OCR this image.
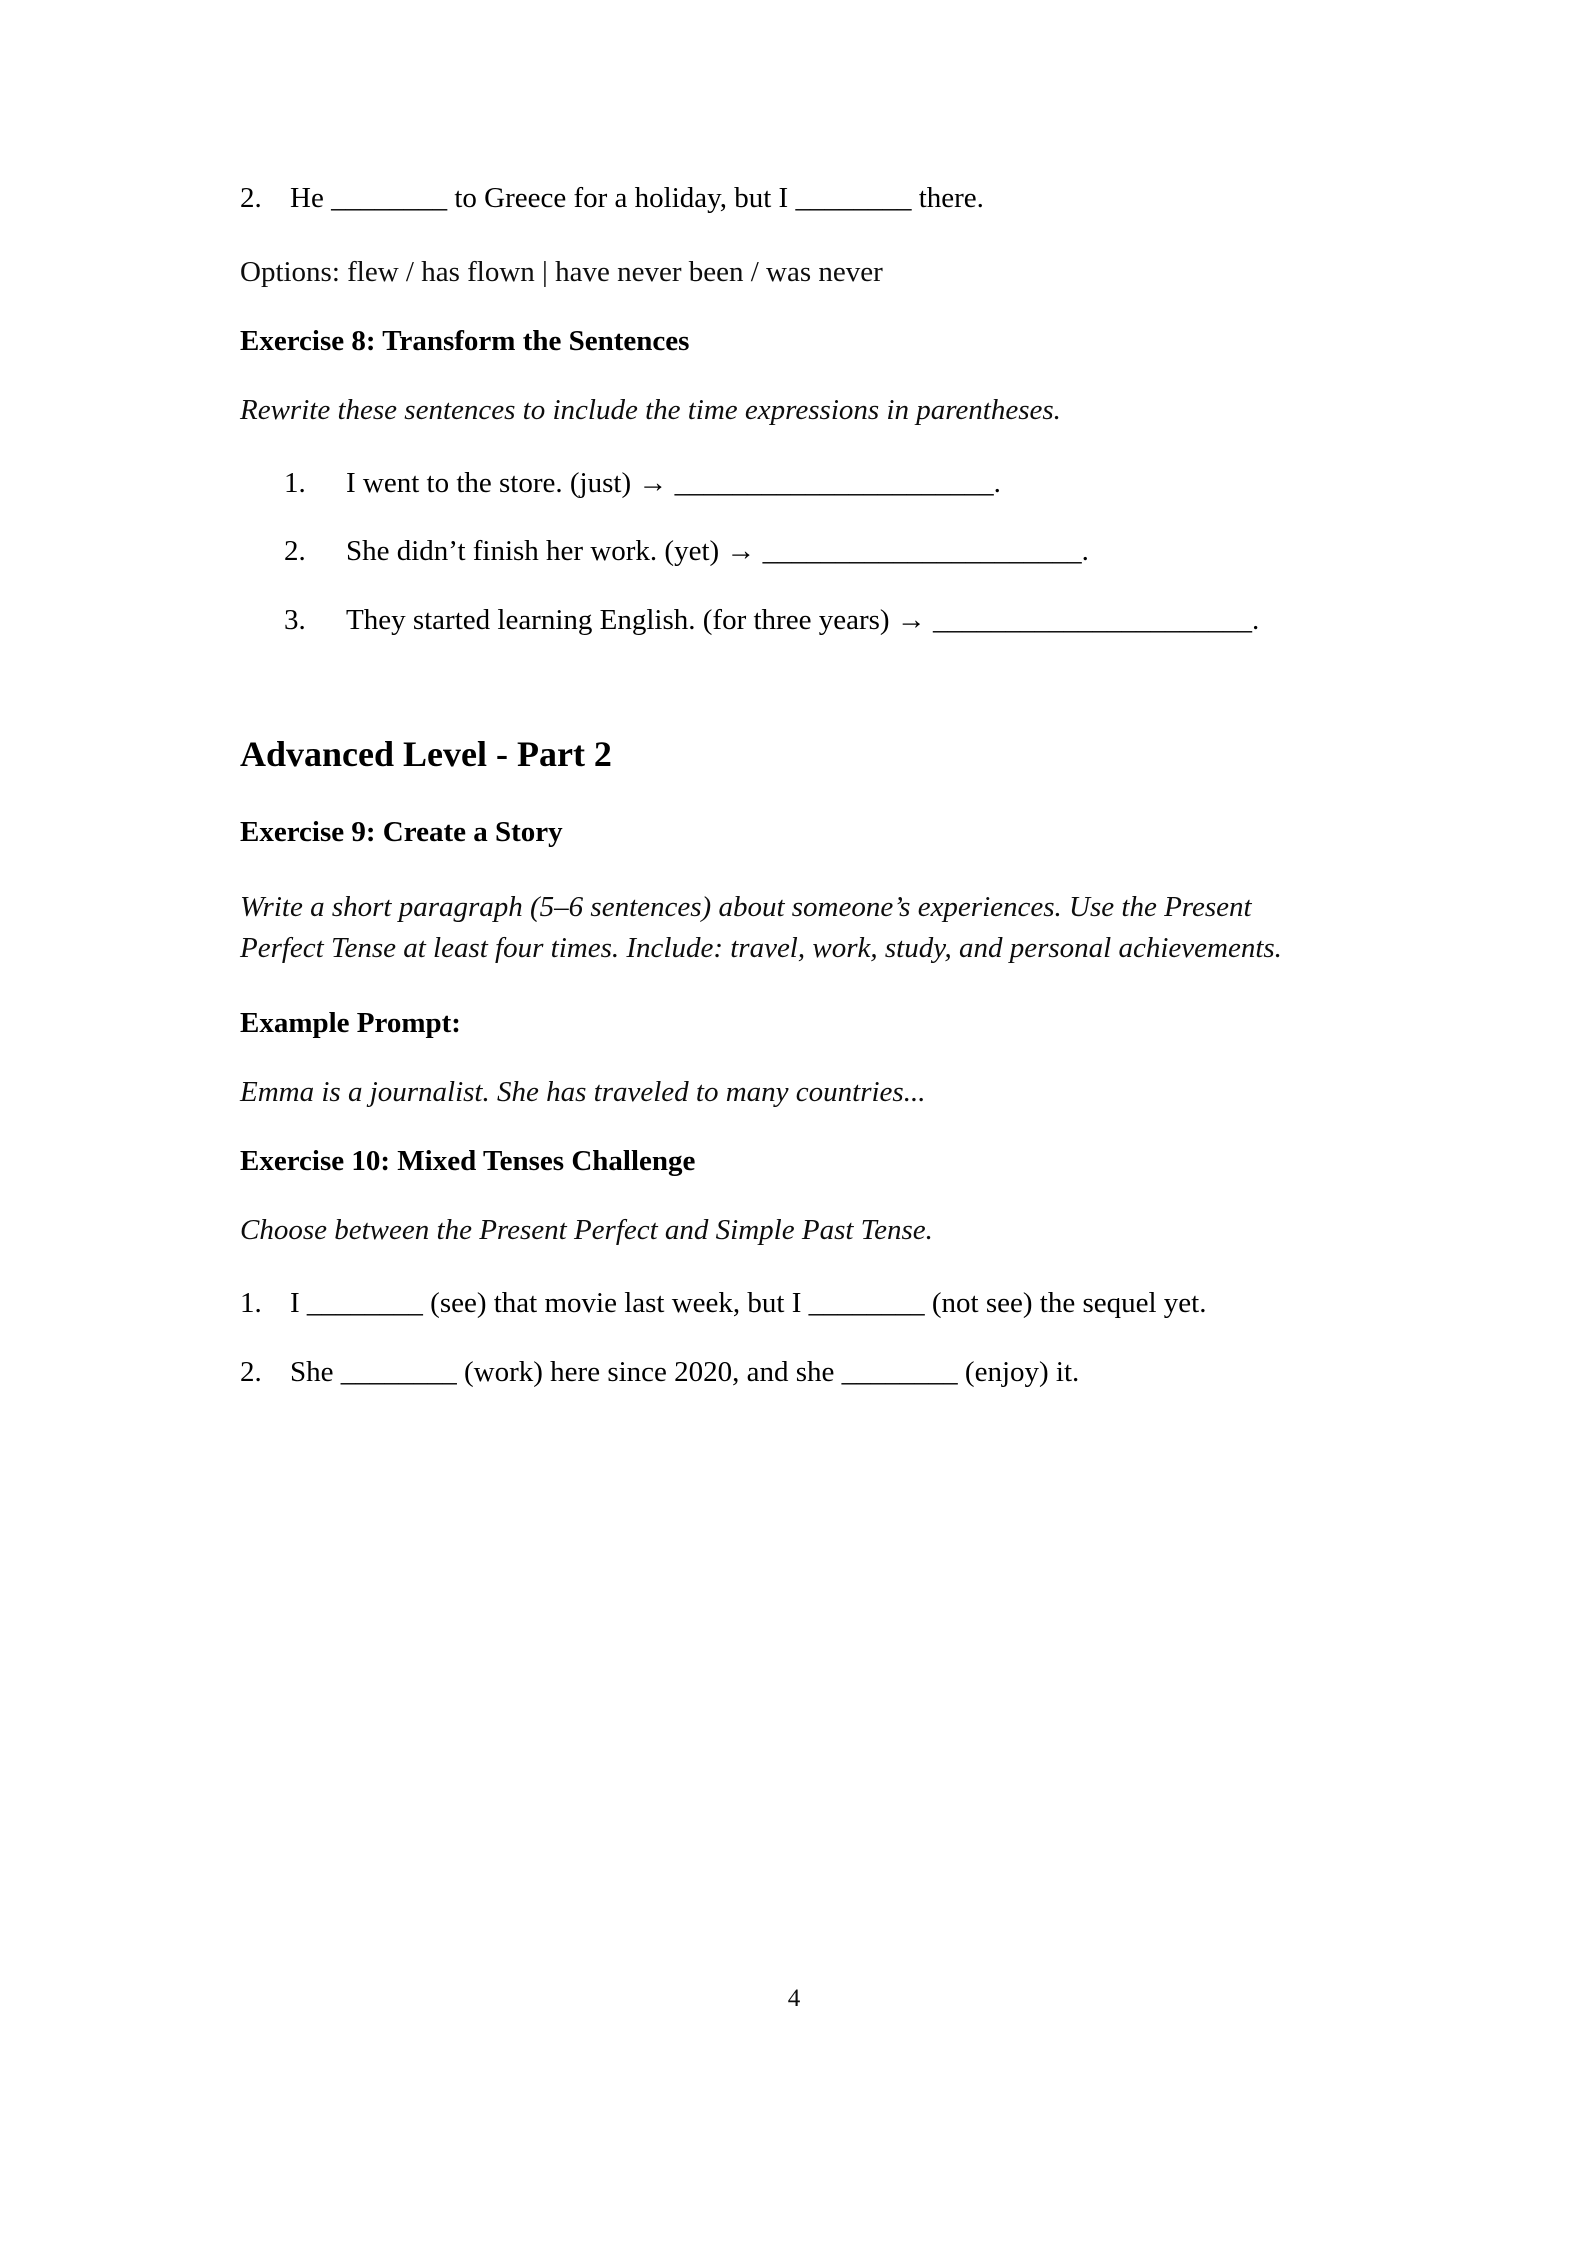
2. He ________ to Greece for a holiday, but I ________ there.

Options: flew / has flown | have never been / was never

Exercise 8: Transform the Sentences

Rewrite these sentences to include the time expressions in parentheses.

1.	I went to the store. (just) → ______________________.
2.	She didn’t finish her work. (yet) → ______________________.
3.	They started learning English. (for three years) → ______________________.
Advanced Level - Part 2
Exercise 9: Create a Story

Write a short paragraph (5–6 sentences) about someone’s experiences. Use the Present Perfect Tense at least four times. Include: travel, work, study, and personal achievements.

Example Prompt:

Emma is a journalist. She has traveled to many countries...

Exercise 10: Mixed Tenses Challenge

Choose between the Present Perfect and Simple Past Tense.

1. I ________ (see) that movie last week, but I ________ (not see) the sequel yet.
2. She ________ (work) here since 2020, and she ________ (enjoy) it.
4
